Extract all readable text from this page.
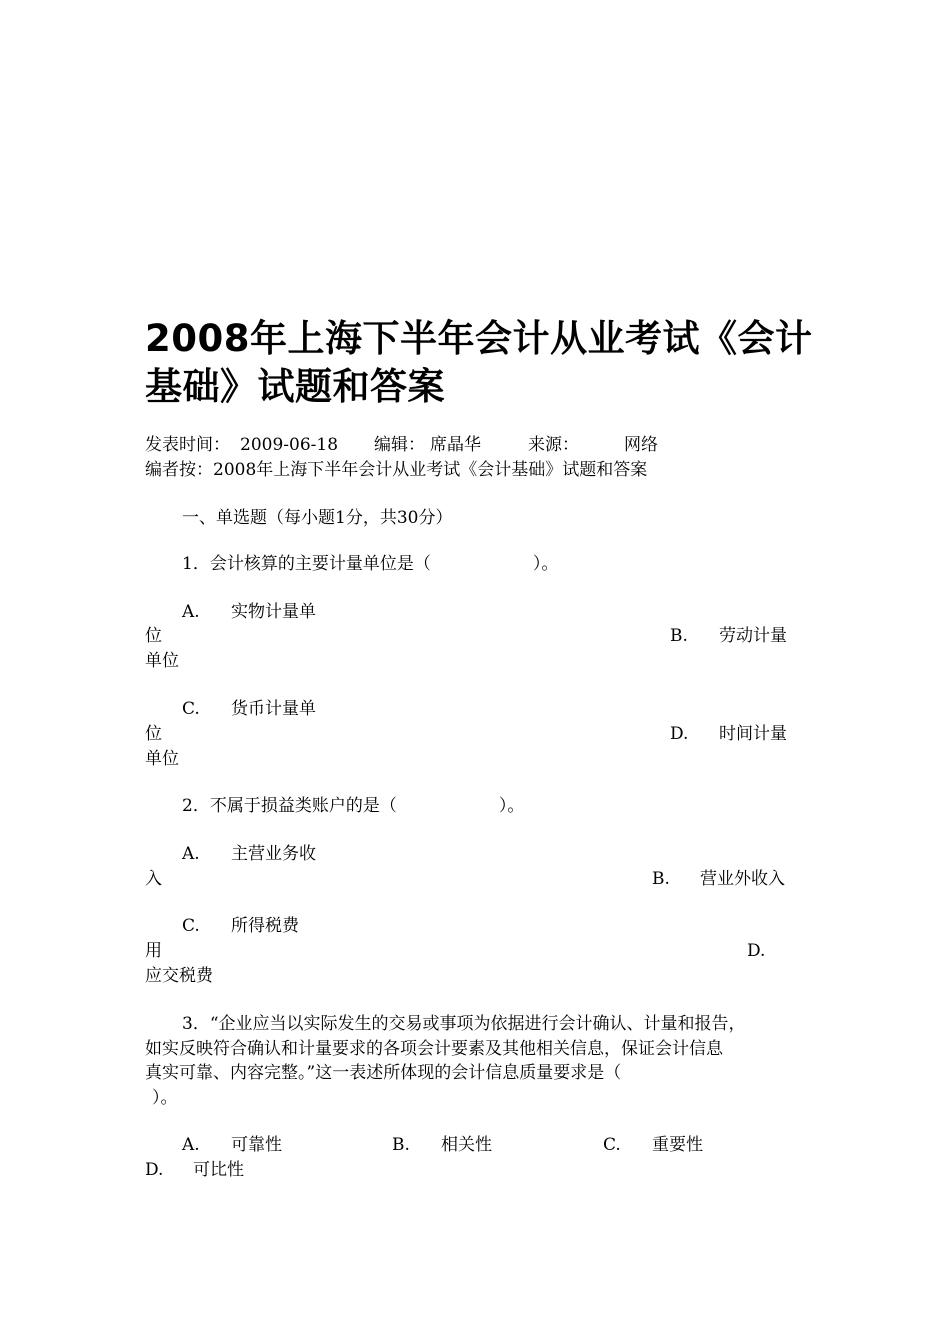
2008年上海下半年会计从业考试《会计
基础》试题和答案
发表时间： 2009-06-18 编辑： 席晶华	来源：	网络
编者按：2008年上海下半年会计从业考试《会计基础》试题和答案
一、单选题（每小题1分，共30分）
1．会计核算的主要计量单位是（　　　　　　）。
A. 实物计量单
位	B. 劳动计量
单位
C. 货币计量单
位	D. 时间计量
单位
2．不属于损益类账户的是（　　　　　　）。
A. 主营业务收
入	B. 营业外收入
C. 所得税费
用	D.
应交税费
3．“企业应当以实际发生的交易或事项为依据进行会计确认、计量和报告，
如实反映符合确认和计量要求的各项会计要素及其他相关信息，保证会计信息
真实可靠、内容完整。”这一表述所体现的会计信息质量要求是（
）。
A. 可靠性	B. 相关性	C. 重要性
D. 可比性
